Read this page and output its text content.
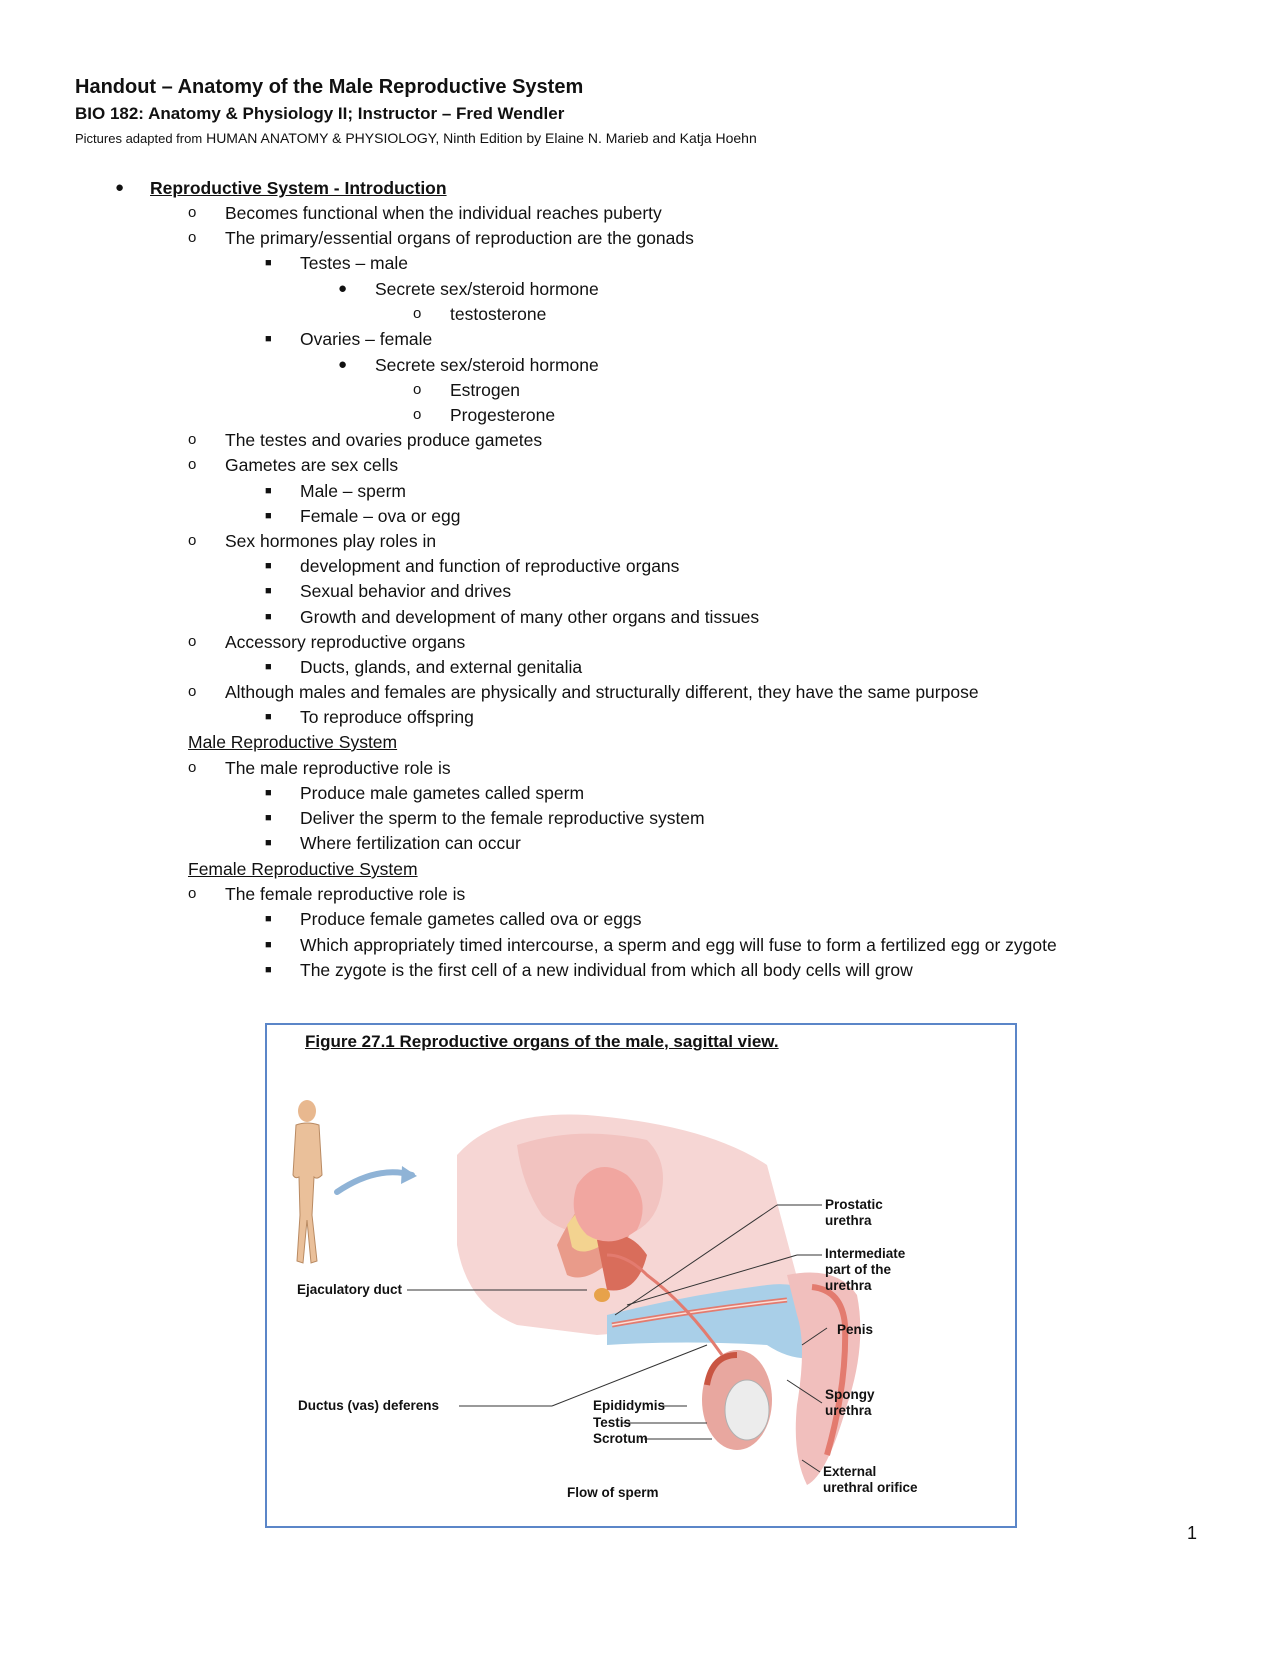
Handout – Anatomy of the Male Reproductive System
BIO 182: Anatomy & Physiology II; Instructor – Fred Wendler
Pictures adapted from HUMAN ANATOMY & PHYSIOLOGY, Ninth Edition by Elaine N. Marieb and Katja Hoehn
● Reproductive System - Introduction
o Becomes functional when the individual reaches puberty
o The primary/essential organs of reproduction are the gonads
■ Testes – male
● Secrete sex/steroid hormone
o testosterone
■ Ovaries – female
● Secrete sex/steroid hormone
o Estrogen
o Progesterone
o The testes and ovaries produce gametes
o Gametes are sex cells
■ Male – sperm
■ Female – ova or egg
o Sex hormones play roles in
■ development and function of reproductive organs
■ Sexual behavior and drives
■ Growth and development of many other organs and tissues
o Accessory reproductive organs
■ Ducts, glands, and external genitalia
o Although males and females are physically and structurally different, they have the same purpose
■ To reproduce offspring
Male Reproductive System
o The male reproductive role is
■ Produce male gametes called sperm
■ Deliver the sperm to the female reproductive system
■ Where fertilization can occur
Female Reproductive System
o The female reproductive role is
■ Produce female gametes called ova or eggs
■ Which appropriately timed intercourse, a sperm and egg will fuse to form a fertilized egg or zygote
■ The zygote is the first cell of a new individual from which all body cells will grow
Figure 27.1 Reproductive organs of the male, sagittal view.
Ejaculatory duct
Ductus (vas) deferens	Epididymis
Testis
Scrotum
Flow of sperm
Prostatic
urethra
Intermediate
part of the
urethra
Penis
Spongy
urethra
External
urethral orifice
1
